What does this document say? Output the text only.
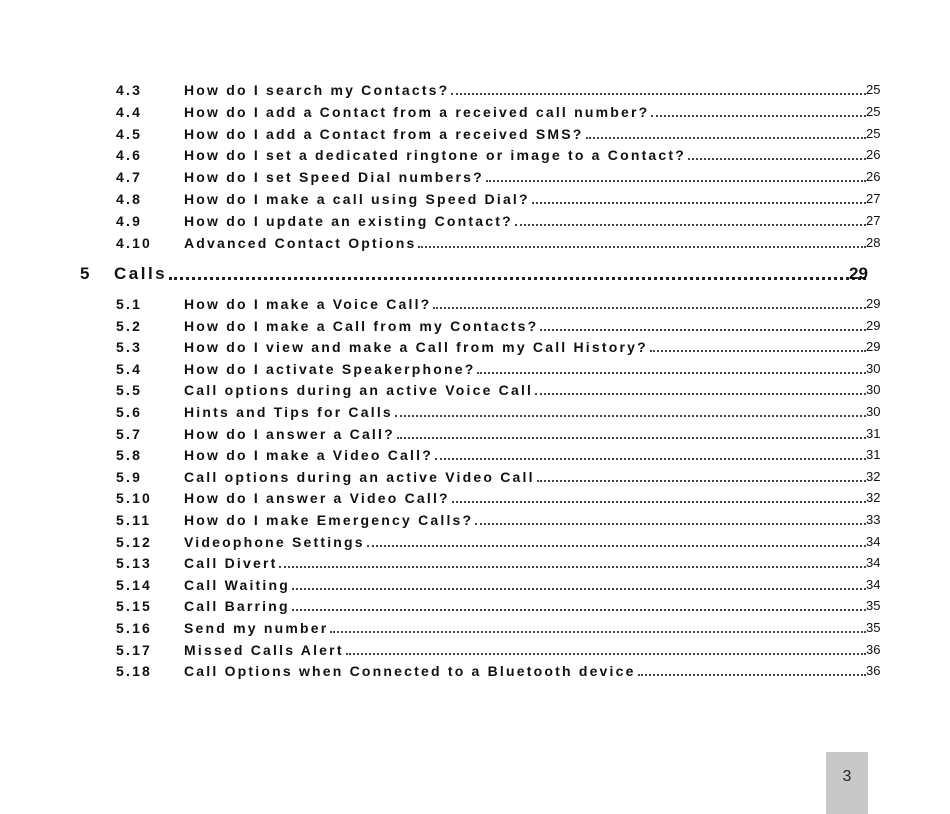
4.3	How do I search my Contacts?	25
4.4	How do I add a Contact from a received call number?	25
4.5	How do I add a Contact from a received SMS?	25
4.6	How do I set a dedicated ringtone or image to a Contact?	26
4.7	How do I set Speed Dial numbers?	26
4.8	How do I make a call using Speed Dial?	27
4.9	How do I update an existing Contact?	27
4.10 Advanced Contact Options	28
5 Calls	29
5.1	How do I make a Voice Call?	29
5.2	How do I make a Call from my Contacts?	29
5.3	How do I view and make a Call from my Call History?	29
5.4	How do I activate Speakerphone?	30
5.5	Call options during an active Voice Call	30
5.6	Hints and Tips for Calls	30
5.7	How do I answer a Call?	31
5.8	How do I make a Video Call?	31
5.9	Call options during an active Video Call	32
5.10 How do I answer a Video Call?	32
5.11 How do I make Emergency Calls?	33
5.12 Videophone Settings	34
5.13 Call Divert	34
5.14 Call Waiting	34
5.15 Call Barring	35
5.16 Send my number	35
5.17 Missed Calls Alert	36
5.18 Call Options when Connected to a Bluetooth device	36
3
